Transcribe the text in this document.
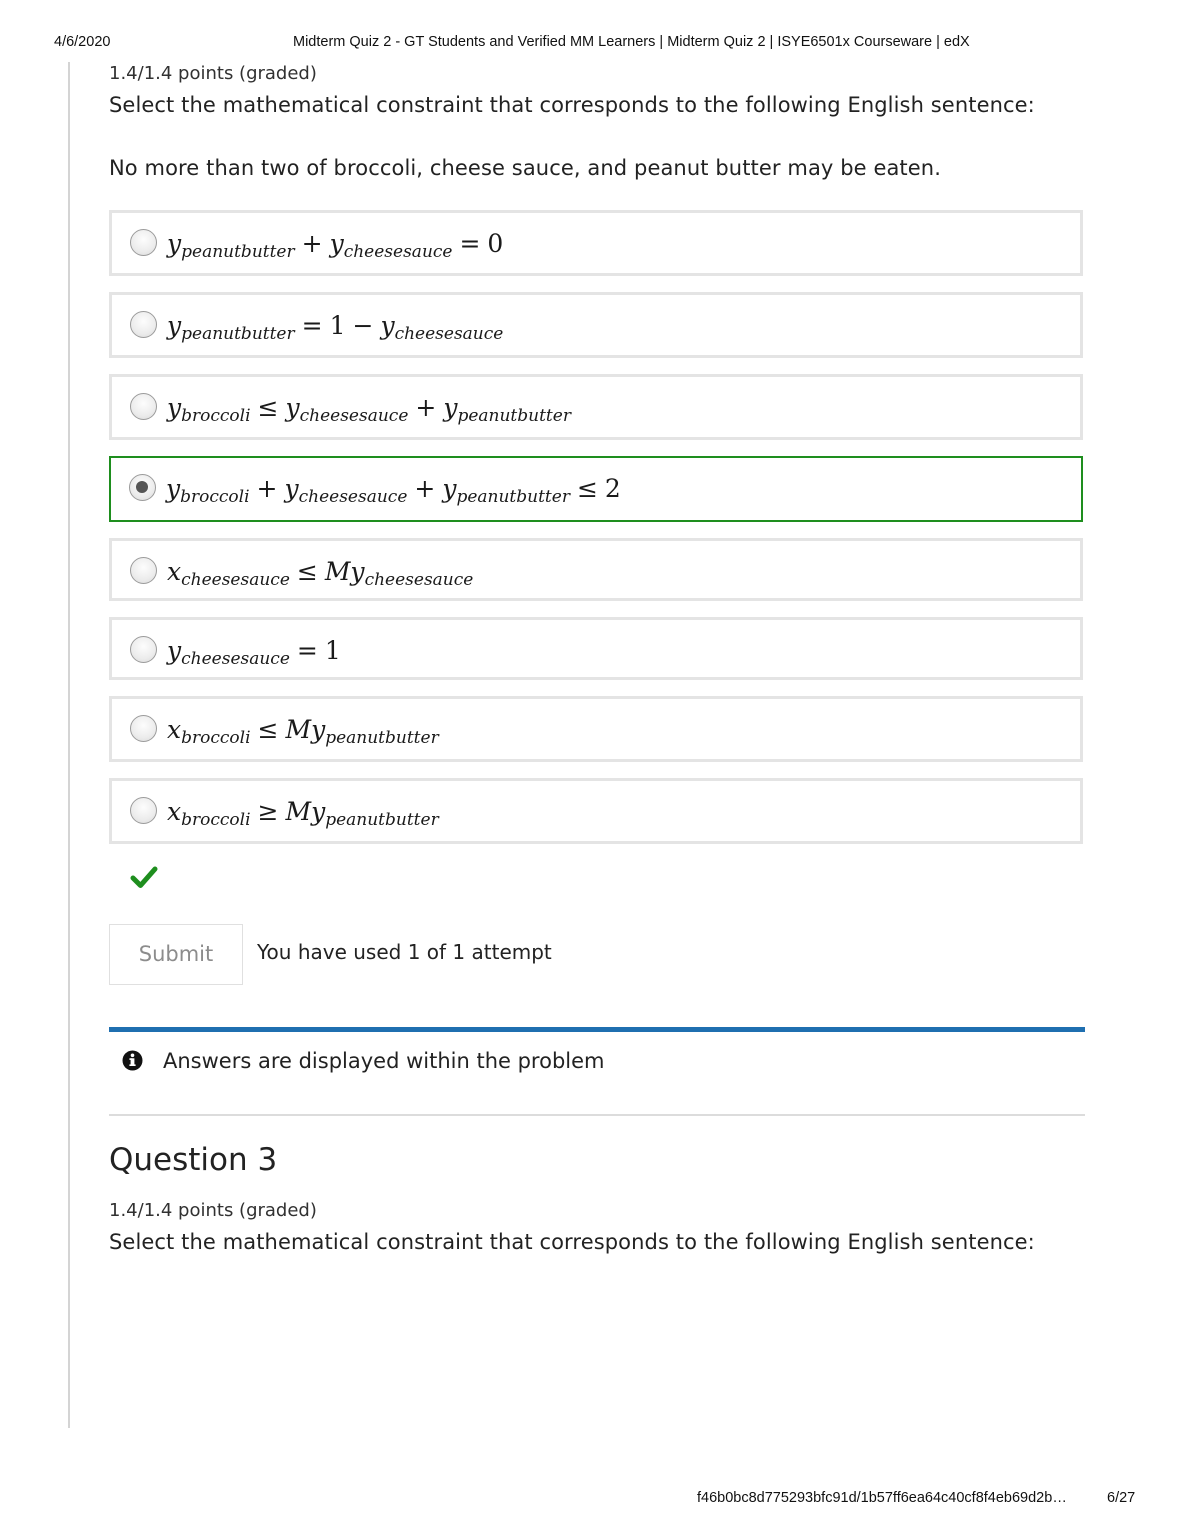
4/6/2020	Midterm Quiz 2 - GT Students and Verified MM Learners | Midterm Quiz 2 | ISYE6501x Courseware | edX
1.4/1.4 points (graded)
Select the mathematical constraint that corresponds to the following English sentence:
No more than two of broccoli, cheese sauce, and peanut butter may be eaten.
$y_{peanutbutter} + y_{cheesesauce} = 0$
$y_{peanutbutter} = 1 - y_{cheesesauce}$
$y_{broccoli} \le y_{cheesesauce} + y_{peanutbutter}$
$y_{broccoli} + y_{cheesesauce} + y_{peanutbutter} \le 2$
$x_{cheesesauce} \le My_{cheesesauce}$
$y_{cheesesauce} = 1$
$x_{broccoli} \le My_{peanutbutter}$
$x_{broccoli} \ge My_{peanutbutter}$
Submit	You have used 1 of 1 attempt
Answers are displayed within the problem
Question 3
1.4/1.4 points (graded)
Select the mathematical constraint that corresponds to the following English sentence:
f46b0bc8d775293bfc91d/1b57ff6ea64c40cf8f4eb69d2b…	6/27
